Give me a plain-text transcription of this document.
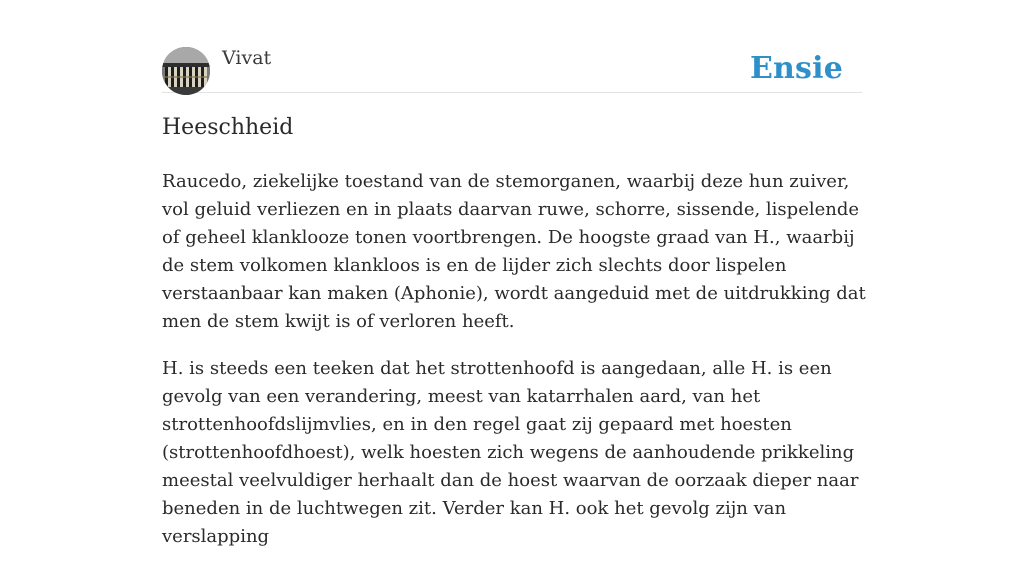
Vivat	Ensie
Heeschheid

Raucedo, ziekelijke toestand van de stemorganen, waarbij deze hun zuiver, vol geluid verliezen en in plaats daarvan ruwe, schorre, sissende, lispelende of geheel klanklooze tonen voortbrengen. De hoogste graad van H., waarbij de stem volkomen klankloos is en de lijder zich slechts door lispelen verstaanbaar kan maken (Aphonie), wordt aangeduid met de uitdrukking dat men de stem kwijt is of verloren heeft.

H. is steeds een teeken dat het strottenhoofd is aangedaan, alle H. is een gevolg van een verandering, meest van katarrhalen aard, van het strottenhoofdslijmvlies, en in den regel gaat zij gepaard met hoesten (strottenhoofdhoest), welk hoesten zich wegens de aanhoudende prikkeling meestal veelvuldiger herhaalt dan de hoest waarvan de oorzaak dieper naar beneden in de luchtwegen zit. Verder kan H. ook het gevolg zijn van verslapping
